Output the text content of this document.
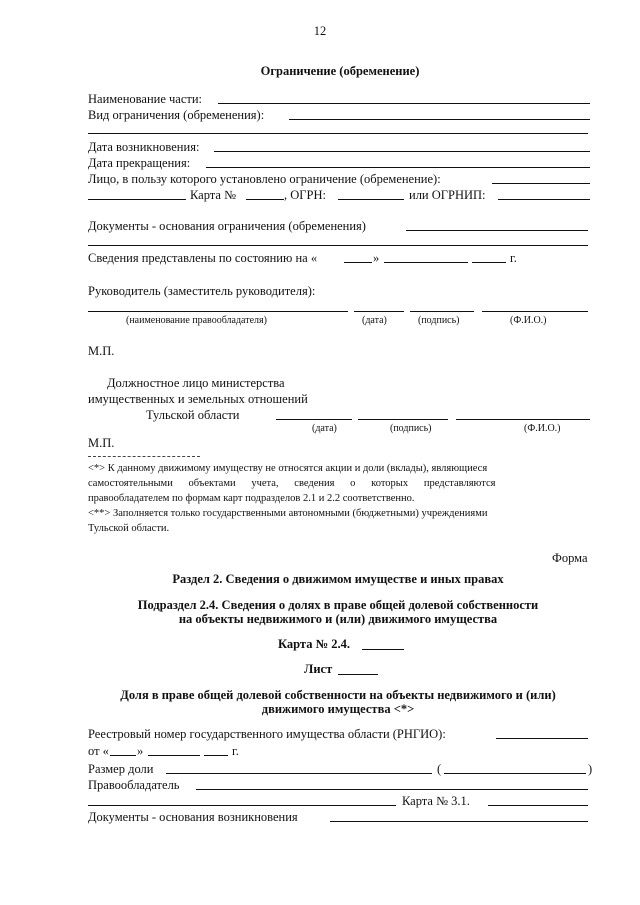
12
Ограничение (обременение)
Наименование части:
Вид ограничения (обременения):
Дата возникновения:
Дата прекращения:
Лицо, в пользу которого установлено ограничение (обременение):
Карта №	, ОГРН:	или ОГРНИП:
Документы - основания ограничения (обременения)
Сведения представлены по состоянию на «	»	г.
Руководитель (заместитель руководителя):
(наименование правообладателя)	(дата)	(подпись)	(Ф.И.О.)
М.П.
Должностное лицо министерства
имущественных и земельных отношений
Тульской области
(дата)	(подпись)	(Ф.И.О.)
М.П.
<*> К данному движимому имуществу не относятся акции и доли (вклады), являющиеся
самостоятельными      объектами      учета,      сведения      о      которых      представляются
правообладателем по формам карт подразделов 2.1 и 2.2 соответственно.
<**> Заполняется только государственными автономными (бюджетными) учреждениями
Тульской области.
Форма
Раздел 2. Сведения о движимом имуществе и иных правах
Подраздел 2.4. Сведения о долях в праве общей долевой собственности
на объекты недвижимого и (или) движимого имущества
Карта № 2.4.
Лист
Доля в праве общей долевой собственности на объекты недвижимого и (или)
движимого имущества <*>
Реестровый номер государственного имущества области (РНГИО):
от « »	г.
Размер доли	(	)
Правообладатель
Карта № 3.1.
Документы - основания возникновения
